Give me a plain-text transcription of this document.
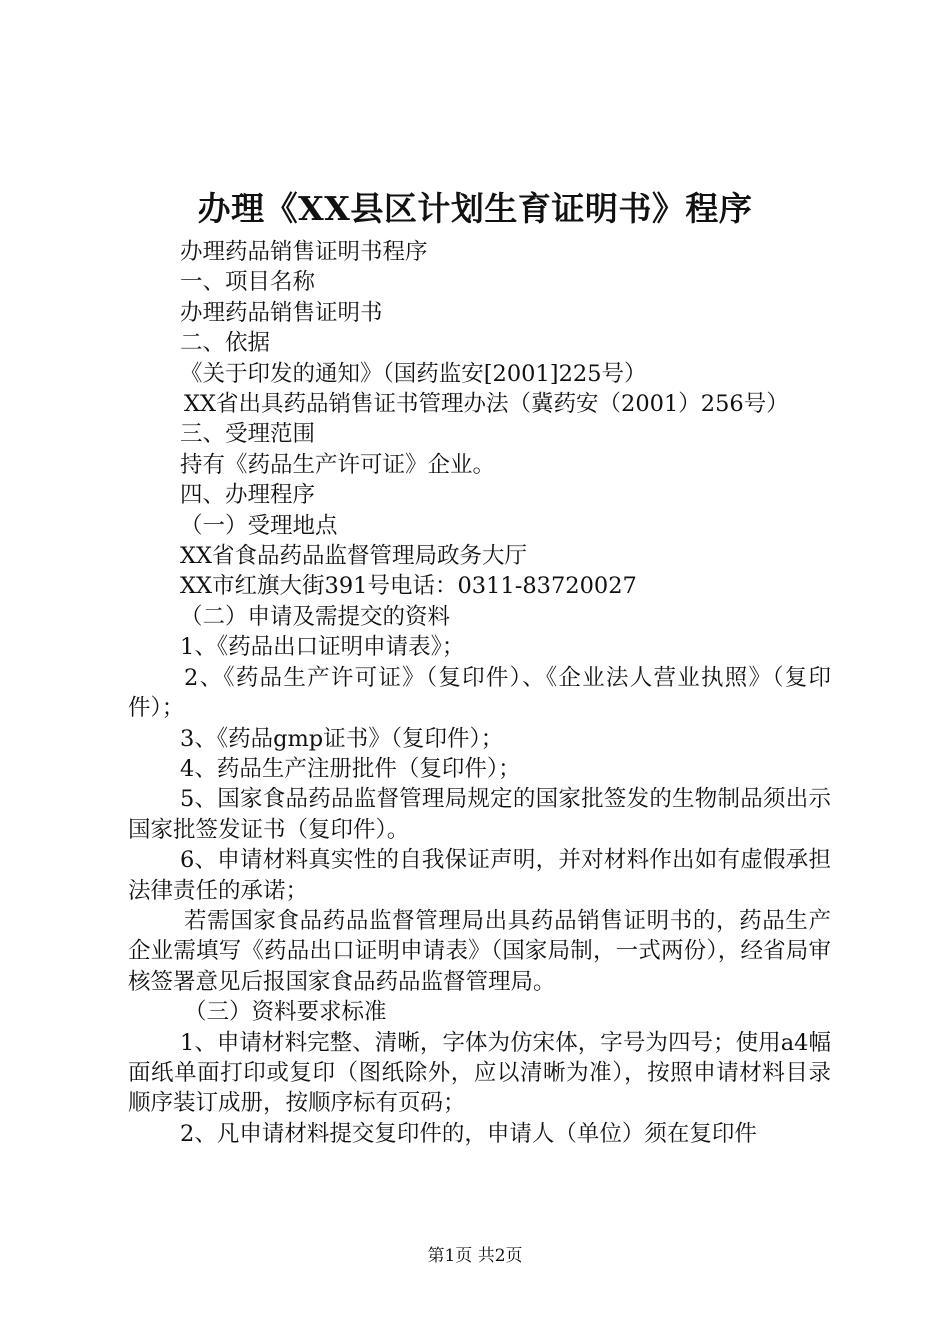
办理《XX县区计划生育证明书》程序

办理药品销售证明书程序

一、项目名称

办理药品销售证明书

二、依据

《关于印发的通知》（国药监安[2001]225号）

XX省出具药品销售证书管理办法（冀药安（2001）256号）

三、受理范围

持有《药品生产许可证》企业。

四、办理程序

（一）受理地点

XX省食品药品监督管理局政务大厅

XX市红旗大街391号电话：0311-83720027

（二）申请及需提交的资料

1、《药品出口证明申请表》；

2、《药品生产许可证》（复印件）、《企业法人营业执照》（复印件）；

3、《药品gmp证书》（复印件）；

4、药品生产注册批件（复印件）；

5、国家食品药品监督管理局规定的国家批签发的生物制品须出示国家批签发证书（复印件）。

6、申请材料真实性的自我保证声明，并对材料作出如有虚假承担法律责任的承诺；

若需国家食品药品监督管理局出具药品销售证明书的，药品生产企业需填写《药品出口证明申请表》（国家局制，一式两份），经省局审核签署意见后报国家食品药品监督管理局。

（三）资料要求标准

1、申请材料完整、清晰，字体为仿宋体，字号为四号；使用a4幅面纸单面打印或复印（图纸除外，应以清晰为准），按照申请材料目录顺序装订成册，按顺序标有页码；

2、凡申请材料提交复印件的，申请人（单位）须在复印件

第1页 共2页
